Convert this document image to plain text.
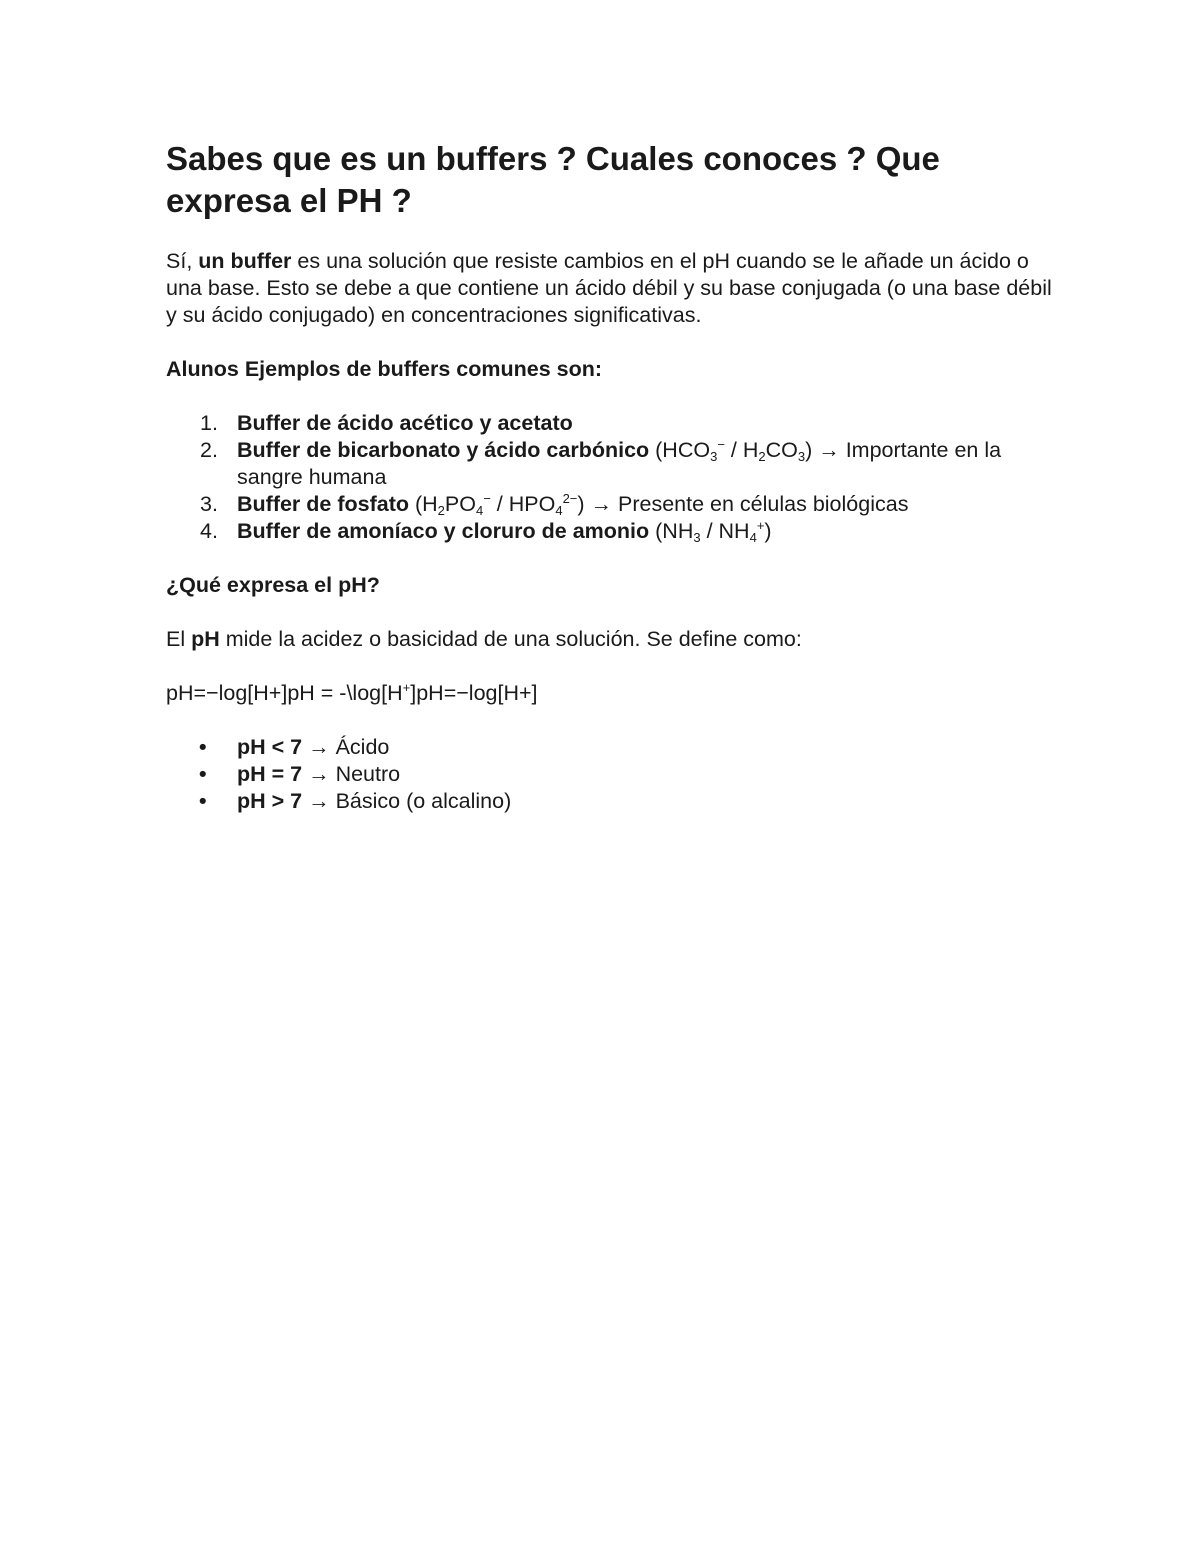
Sabes que es un buffers ? Cuales conoces ? Que expresa el PH ?

Sí, un buffer es una solución que resiste cambios en el pH cuando se le añade un ácido o una base. Esto se debe a que contiene un ácido débil y su base conjugada (o una base débil y su ácido conjugado) en concentraciones significativas.

Alunos Ejemplos de buffers comunes son:

1. Buffer de ácido acético y acetato
2. Buffer de bicarbonato y ácido carbónico $(HCO_3^- / H_2CO_3)$ → Importante en la sangre humana
3. Buffer de fosfato $(H_2PO_4^- / HPO_4^{2-})$ → Presente en células biológicas
4. Buffer de amoníaco y cloruro de amonio $(NH_3 / NH_4^+)$

¿Qué expresa el pH?

El pH mide la acidez o basicidad de una solución. Se define como:

pH=−log[H+]pH = -\log[H+]pH=−log[H+]

• pH < 7 → Ácido
• pH = 7 → Neutro
• pH > 7 → Básico (o alcalino)
